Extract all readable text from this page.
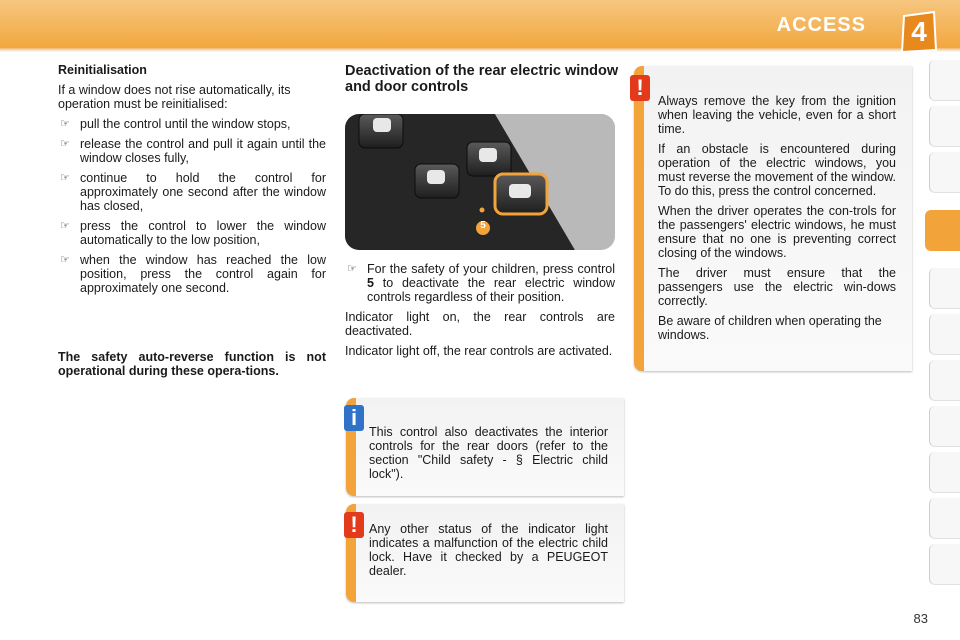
ACCESS	4
Reinitialisation

If a window does not rise automatically, its operation must be reinitialised:

☞ pull the control until the window stops,
☞ release the control and pull it again until the window closes fully,
☞ continue to hold the control for approximately one second after the window has closed,
☞ press the control to lower the window automatically to the low position,
☞ when the window has reached the low position, press the control again for approximately one second.
The safety auto-reverse function is not operational during these opera-tions.
Deactivation of the rear electric window and door controls
5
☞ For the safety of your children, press control 5 to deactivate the rear electric window controls regardless of their position.

Indicator light on, the rear controls are deactivated.

Indicator light off, the rear controls are activated.

i
This control also deactivates the interior controls for the rear doors (refer to the section "Child safety - § Electric child lock").
! Any other status of the indicator light indicates a malfunction of the electric child lock. Have it checked by a PEUGEOT dealer.
!

Always remove the key from the ignition when leaving the vehicle, even for a short time.

If an obstacle is encountered during operation of the electric windows, you must reverse the movement of the window. To do this, press the control concerned.

When the driver operates the con-trols for the passengers' electric windows, he must ensure that no one is preventing correct closing of the windows.

The driver must ensure that the passengers use the electric win-dows correctly.

Be aware of children when operating the windows.

83
